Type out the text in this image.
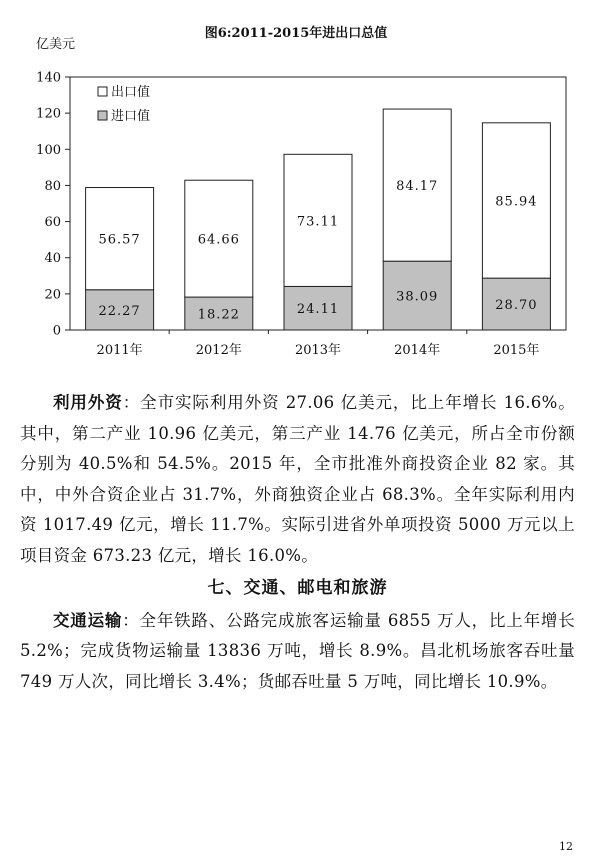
图6:2011-2015年进出口总值
亿美元
0
20
40
60
80
100
120
140
22.27
56.57
2011年
18.22
64.66
2012年
24.11
73.11
2013年
38.09
84.17
2014年
28.70
85.94
2015年
出口值
进口值

利用外资：全市实际利用外资 27.06 亿美元，比上年增长 16.6%。其中，第二产业 10.96 亿美元，第三产业 14.76 亿美元，所占全市份额分别为 40.5%和 54.5%。2015 年，全市批准外商投资企业 82 家。其中，中外合资企业占 31.7%，外商独资企业占 68.3%。全年实际利用内资 1017.49 亿元，增长 11.7%。实际引进省外单项投资 5000 万元以上项目资金 673.23 亿元，增长 16.0%。

七、交通、邮电和旅游

交通运输：全年铁路、公路完成旅客运输量 6855 万人，比上年增长 5.2%；完成货物运输量 13836 万吨，增长 8.9%。昌北机场旅客吞吐量 749 万人次，同比增长 3.4%；货邮吞吐量 5 万吨，同比增长 10.9%。

12
